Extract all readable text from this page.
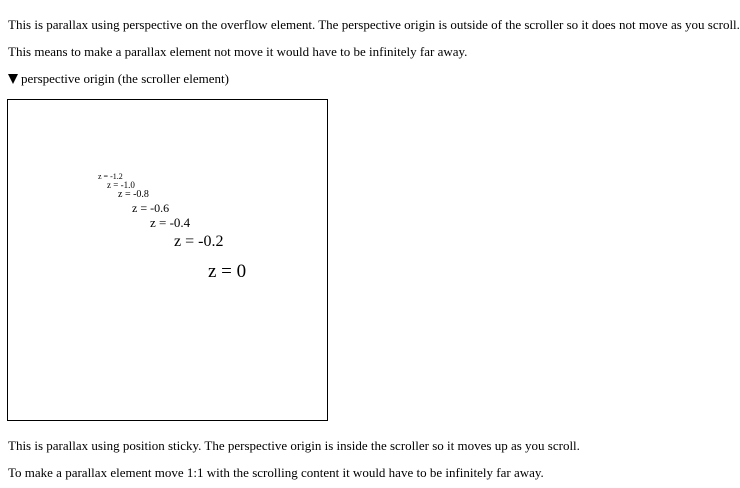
This is parallax using perspective on the overflow element. The perspective origin is outside of the scroller so it does not move as you scroll.
This means to make a parallax element not move it would have to be infinitely far away.
perspective origin (the scroller element)
z = -1.2
z = -1.0
z = -0.8
z = -0.6
z = -0.4
z = -0.2
z = 0
This is parallax using position sticky. The perspective origin is inside the scroller so it moves up as you scroll.
To make a parallax element move 1:1 with the scrolling content it would have to be infinitely far away.
